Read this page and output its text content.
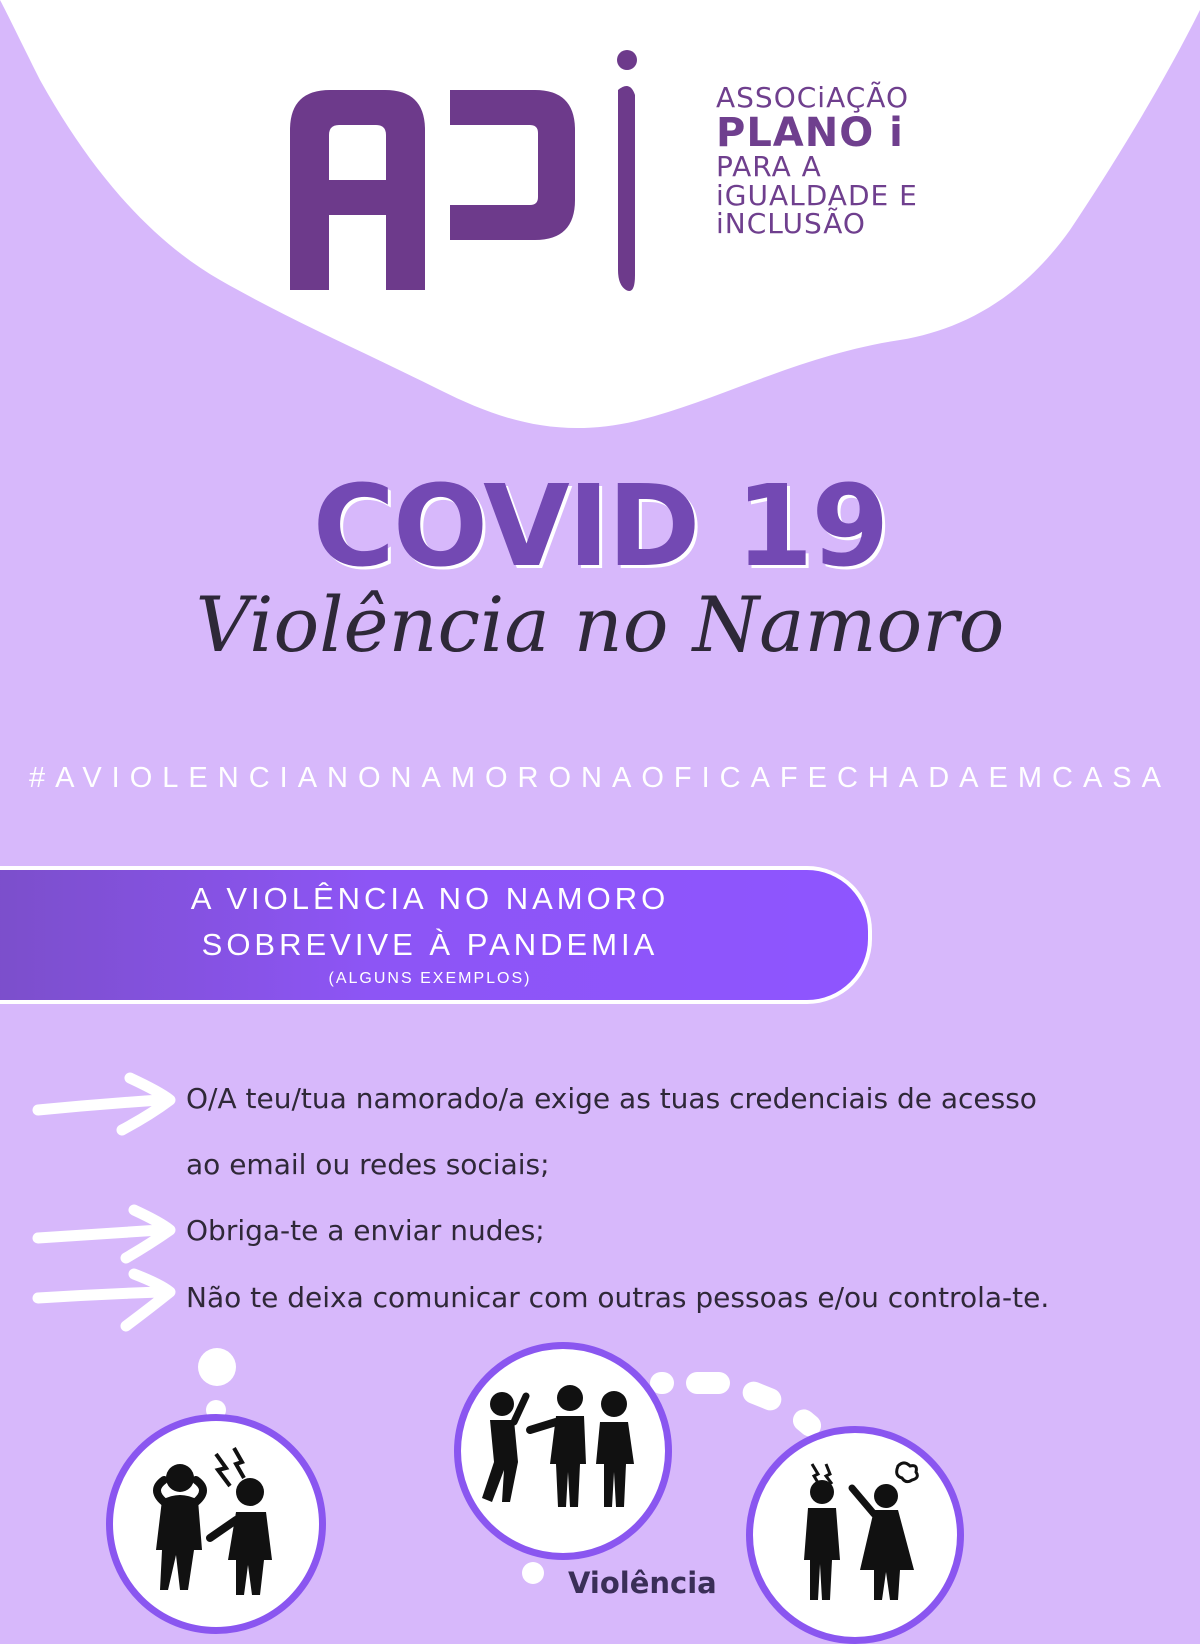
ASSOCiAÇÃO
PLANO i
PARA A
iGUALDADE E
iNCLUSÃO
COVID 19
Violência no Namoro
#AVIOLENCIANONAMORONAOFICAFECHADAEMCASA
A VIOLÊNCIA NO NAMORO
SOBREVIVE À PANDEMIA
(ALGUNS EXEMPLOS)
O/A teu/tua namorado/a exige as tuas credenciais de acesso
ao email ou redes sociais;
Obriga-te a enviar nudes;
Não te deixa comunicar com outras pessoas e/ou controla-te.
Violência
